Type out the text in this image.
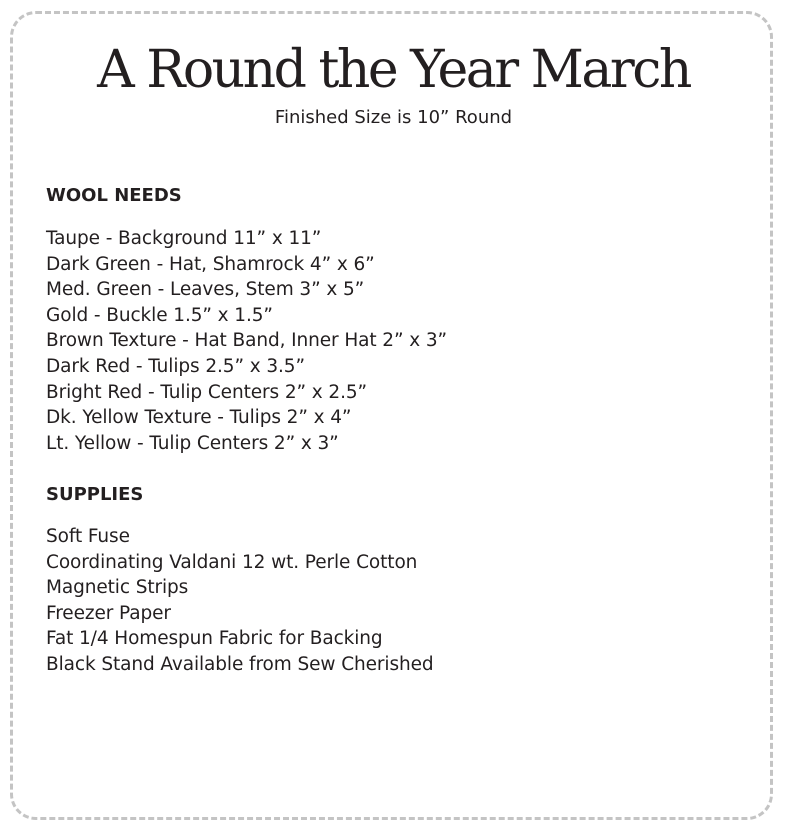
A Round the Year March
Finished Size is 10” Round
WOOL NEEDS
Taupe - Background 11” x 11”
Dark Green - Hat, Shamrock 4” x 6”
Med. Green - Leaves, Stem 3” x 5”
Gold - Buckle 1.5” x 1.5”
Brown Texture - Hat Band, Inner Hat 2” x 3”
Dark Red - Tulips 2.5” x 3.5”
Bright Red - Tulip Centers 2” x 2.5”
Dk. Yellow Texture - Tulips 2” x 4”
Lt. Yellow - Tulip Centers 2” x 3”
SUPPLIES
Soft Fuse
Coordinating Valdani 12 wt. Perle Cotton
Magnetic Strips
Freezer Paper
Fat 1/4 Homespun Fabric for Backing
Black Stand Available from Sew Cherished
